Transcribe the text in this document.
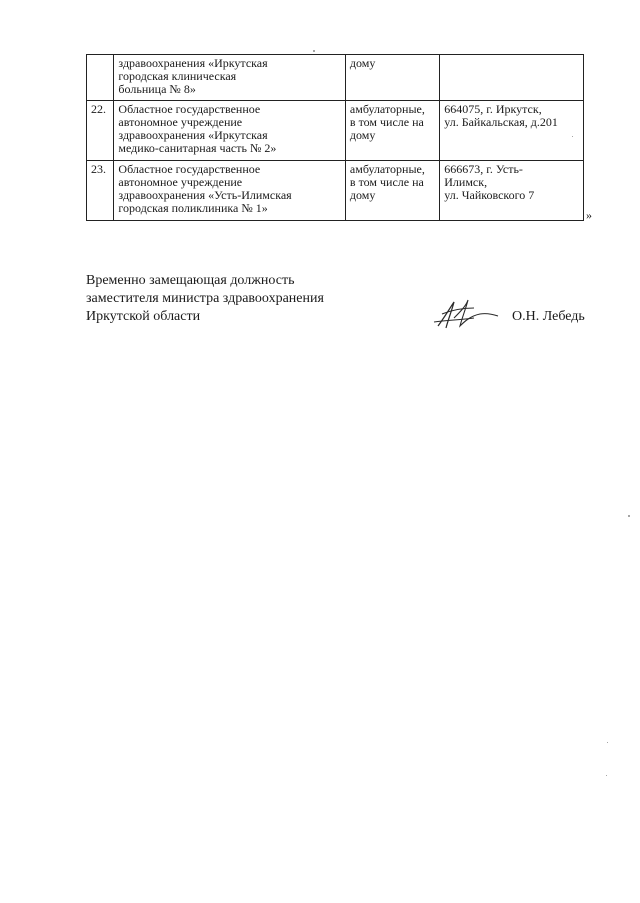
	здравоохранения «Иркутская
городская клиническая
больница № 8»	дому	

22.	Областное государственное
автономное учреждение
здравоохранения «Иркутская
медико-санитарная часть № 2»	амбулаторные,
в том числе на
дому	664075, г. Иркутск,
ул. Байкальская, д.201

23.	Областное государственное
автономное учреждение
здравоохранения «Усть-Илимская
городская поликлиника № 1»	амбулаторные,
в том числе на
дому	666673, г. Усть-
Илимск,
ул. Чайковского 7
»
Временно замещающая должность
заместителя министра здравоохранения
Иркутской области	О.Н. Лебедь
